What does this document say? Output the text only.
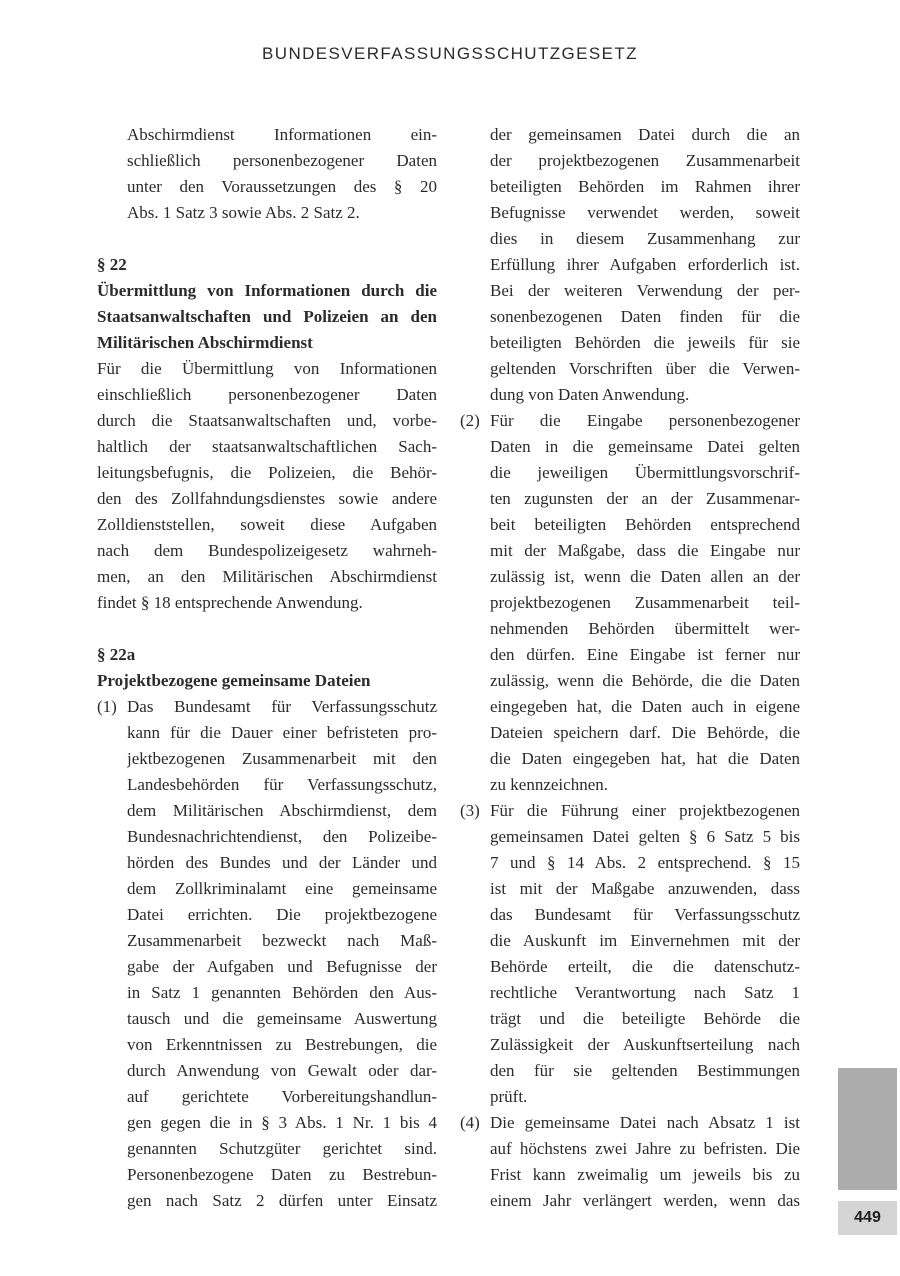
BUNDESVERFASSUNGSSCHUTZGESETZ
Abschirmdienst Informationen ein-
schließlich personenbezogener Daten
unter den Voraussetzungen des § 20
Abs. 1 Satz 3 sowie Abs. 2 Satz 2.
§ 22
Übermittlung von Informationen durch die
Staatsanwaltschaften und Polizeien an den
Militärischen Abschirmdienst
Für die Übermittlung von Informationen
einschließlich personenbezogener Daten
durch die Staatsanwaltschaften und, vorbe-
haltlich der staatsanwaltschaftlichen Sach-
leitungsbefugnis, die Polizeien, die Behör-
den des Zollfahndungsdienstes sowie andere
Zolldienststellen, soweit diese Aufgaben
nach dem Bundespolizeigesetz wahrneh-
men, an den Militärischen Abschirmdienst
findet § 18 entsprechende Anwendung.
§ 22a
Projektbezogene gemeinsame Dateien
(1) Das Bundesamt für Verfassungsschutz
kann für die Dauer einer befristeten pro-
jektbezogenen Zusammenarbeit mit den
Landesbehörden für Verfassungsschutz,
dem Militärischen Abschirmdienst, dem
Bundesnachrichtendienst, den Polizeibe-
hörden des Bundes und der Länder und
dem Zollkriminalamt eine gemeinsame
Datei errichten. Die projektbezogene
Zusammenarbeit bezweckt nach Maß-
gabe der Aufgaben und Befugnisse der
in Satz 1 genannten Behörden den Aus-
tausch und die gemeinsame Auswertung
von Erkenntnissen zu Bestrebungen, die
durch Anwendung von Gewalt oder dar-
auf gerichtete Vorbereitungshandlun-
gen gegen die in § 3 Abs. 1 Nr. 1 bis 4
genannten Schutzgüter gerichtet sind.
Personenbezogene Daten zu Bestrebun-
gen nach Satz 2 dürfen unter Einsatz
der gemeinsamen Datei durch die an
der projektbezogenen Zusammenarbeit
beteiligten Behörden im Rahmen ihrer
Befugnisse verwendet werden, soweit
dies in diesem Zusammenhang zur
Erfüllung ihrer Aufgaben erforderlich ist.
Bei der weiteren Verwendung der per-
sonenbezogenen Daten finden für die
beteiligten Behörden die jeweils für sie
geltenden Vorschriften über die Verwen-
dung von Daten Anwendung.
(2) Für die Eingabe personenbezogener
Daten in die gemeinsame Datei gelten
die jeweiligen Übermittlungsvorschrif-
ten zugunsten der an der Zusammenar-
beit beteiligten Behörden entsprechend
mit der Maßgabe, dass die Eingabe nur
zulässig ist, wenn die Daten allen an der
projektbezogenen Zusammenarbeit teil-
nehmenden Behörden übermittelt wer-
den dürfen. Eine Eingabe ist ferner nur
zulässig, wenn die Behörde, die die Daten
eingegeben hat, die Daten auch in eigene
Dateien speichern darf. Die Behörde, die
die Daten eingegeben hat, hat die Daten
zu kennzeichnen.
(3) Für die Führung einer projektbezogenen
gemeinsamen Datei gelten § 6 Satz 5 bis
7 und § 14 Abs. 2 entsprechend. § 15
ist mit der Maßgabe anzuwenden, dass
das Bundesamt für Verfassungsschutz
die Auskunft im Einvernehmen mit der
Behörde erteilt, die die datenschutz-
rechtliche Verantwortung nach Satz 1
trägt und die beteiligte Behörde die
Zulässigkeit der Auskunftserteilung nach
den für sie geltenden Bestimmungen
prüft.
(4) Die gemeinsame Datei nach Absatz 1 ist
auf höchstens zwei Jahre zu befristen. Die
Frist kann zweimalig um jeweils bis zu
einem Jahr verlängert werden, wenn das
449
